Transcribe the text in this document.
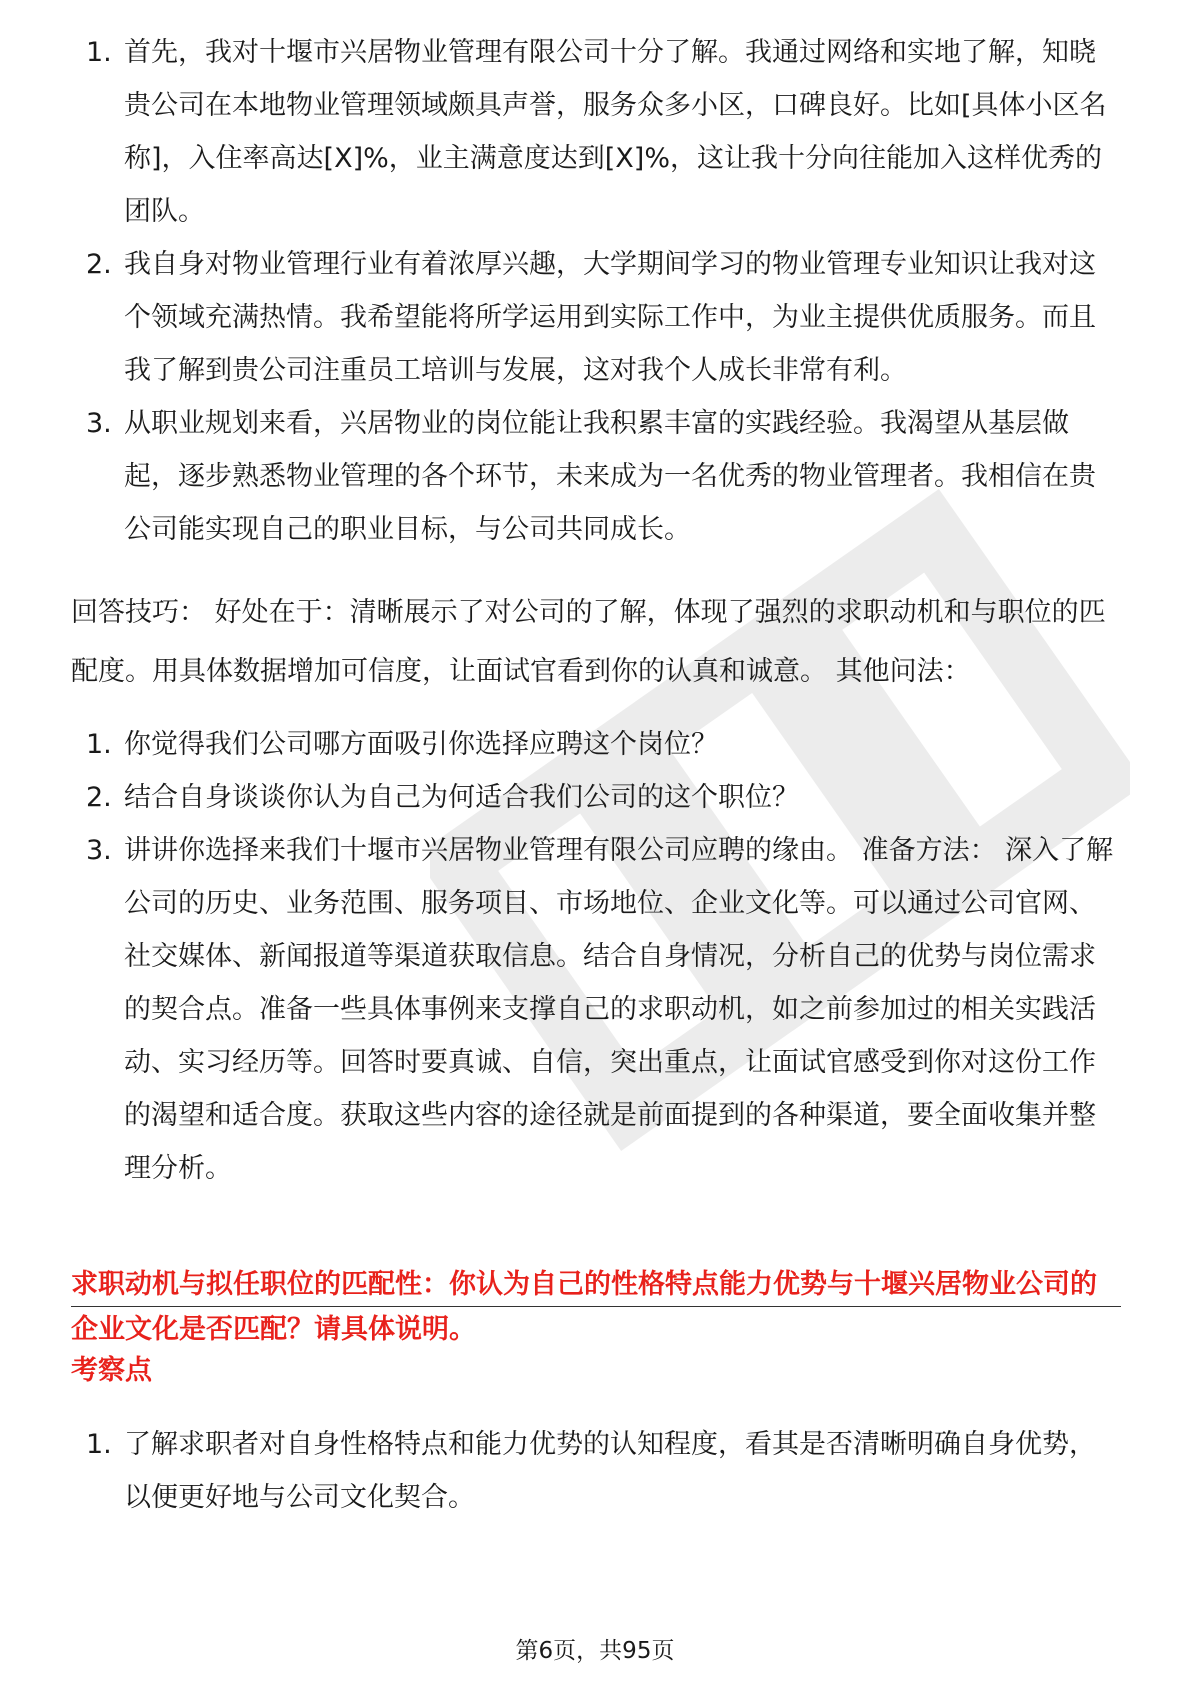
1. 首先，我对十堰市兴居物业管理有限公司十分了解。我通过网络和实地了解，知晓贵公司在本地物业管理领域颇具声誉，服务众多小区，口碑良好。比如[具体小区名称]，入住率高达[X]%，业主满意度达到[X]%，这让我十分向往能加入这样优秀的团队。
2. 我自身对物业管理行业有着浓厚兴趣，大学期间学习的物业管理专业知识让我对这个领域充满热情。我希望能将所学运用到实际工作中，为业主提供优质服务。而且我了解到贵公司注重员工培训与发展，这对我个人成长非常有利。
3. 从职业规划来看，兴居物业的岗位能让我积累丰富的实践经验。我渴望从基层做起，逐步熟悉物业管理的各个环节，未来成为一名优秀的物业管理者。我相信在贵公司能实现自己的职业目标，与公司共同成长。

回答技巧： 好处在于：清晰展示了对公司的了解，体现了强烈的求职动机和与职位的匹配度。用具体数据增加可信度，让面试官看到你的认真和诚意。 其他问法：

1. 你觉得我们公司哪方面吸引你选择应聘这个岗位？
2. 结合自身谈谈你认为自己为何适合我们公司的这个职位？
3. 讲讲你选择来我们十堰市兴居物业管理有限公司应聘的缘由。 准备方法： 深入了解公司的历史、业务范围、服务项目、市场地位、企业文化等。可以通过公司官网、社交媒体、新闻报道等渠道获取信息。结合自身情况，分析自己的优势与岗位需求的契合点。准备一些具体事例来支撑自己的求职动机，如之前参加过的相关实践活动、实习经历等。回答时要真诚、自信，突出重点，让面试官感受到你对这份工作的渴望和适合度。获取这些内容的途径就是前面提到的各种渠道，要全面收集并整理分析。

求职动机与拟任职位的匹配性：你认为自己的性格特点能力优势与十堰兴居物业公司的企业文化是否匹配？请具体说明。

考察点

1. 了解求职者对自身性格特点和能力优势的认知程度，看其是否清晰明确自身优势，以便更好地与公司文化契合。
第6页，共95页
